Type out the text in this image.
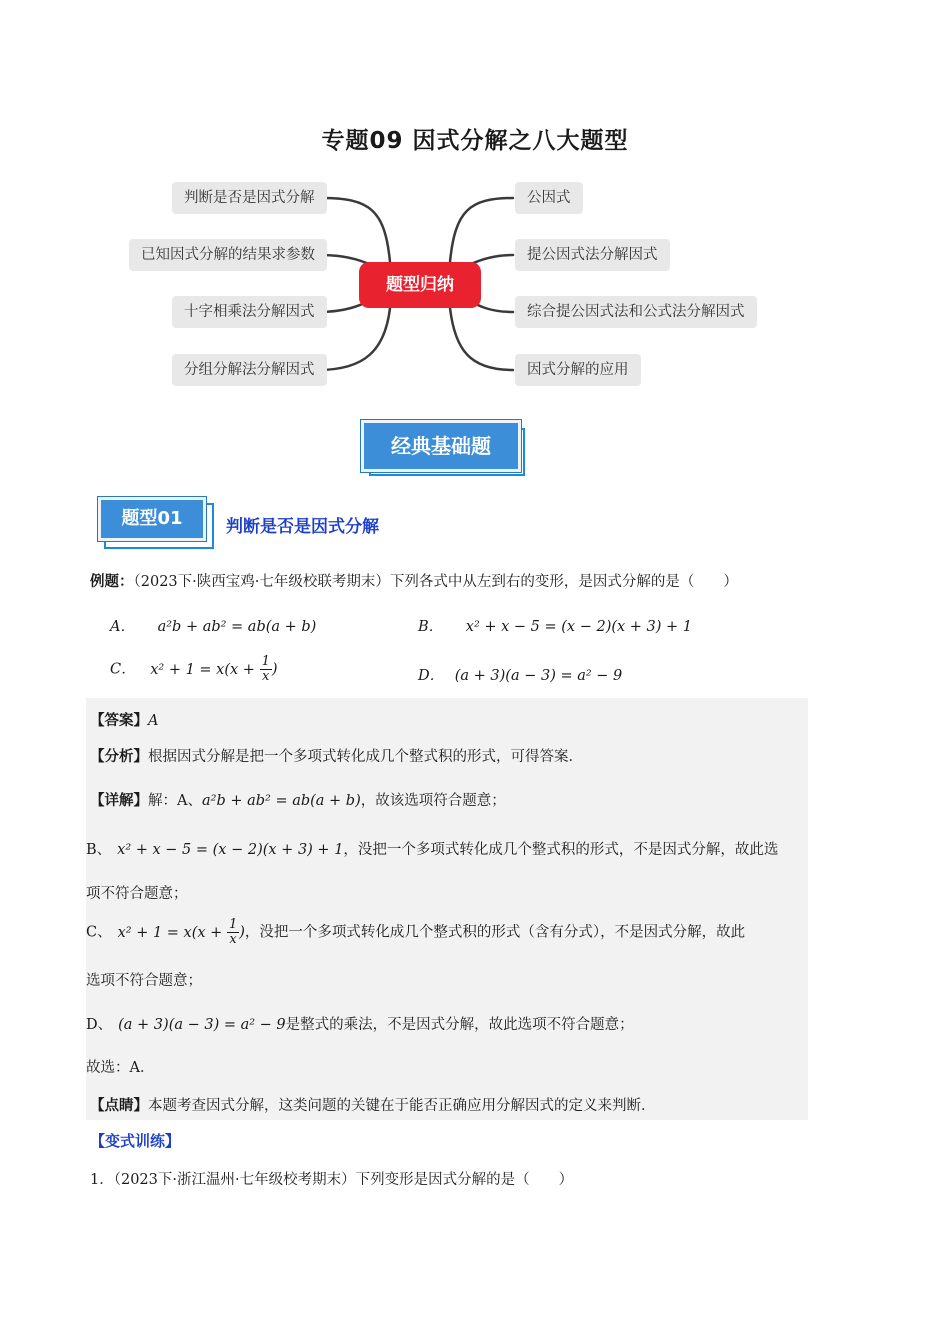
专题09 因式分解之八大题型
判断是否是因式分解
已知因式分解的结果求参数
十字相乘法分解因式
分组分解法分解因式
公因式
提公因式法分解因式
综合提公因式法和公式法分解因式
因式分解的应用
题型归纳
经典基础题
题型01	判断是否是因式分解
例题：（2023下·陕西宝鸡·七年级校联考期末）下列各式中从左到右的变形，是因式分解的是（　　）
A． a²b + ab² = ab(a + b)	B． x² + x − 5 = (x − 2)(x + 3) + 1
C． $x^2 + 1 = x(x + \frac{1}{x}$ )	D． (a + 3)(a − 3) = a² − 9
【答案】A
【分析】根据因式分解是把一个多项式转化成几个整式积的形式，可得答案．
【详解】解：A、a²b + ab² = ab(a + b)，故该选项符合题意；
B、 x² + x − 5 = (x − 2)(x + 3) + 1，没把一个多项式转化成几个整式积的形式，不是因式分解，故此选
项不符合题意；
C、 $x^2 + 1 = x(x + \frac{1}{x}$ )，没把一个多项式转化成几个整式积的形式（含有分式），不是因式分解，故此
选项不符合题意；
D、 (a + 3)(a − 3) = a² − 9是整式的乘法，不是因式分解，故此选项不符合题意；
故选：A．
【点睛】本题考查因式分解，这类问题的关键在于能否正确应用分解因式的定义来判断．
【变式训练】
1．（2023下·浙江温州·七年级校考期末）下列变形是因式分解的是（　　）
